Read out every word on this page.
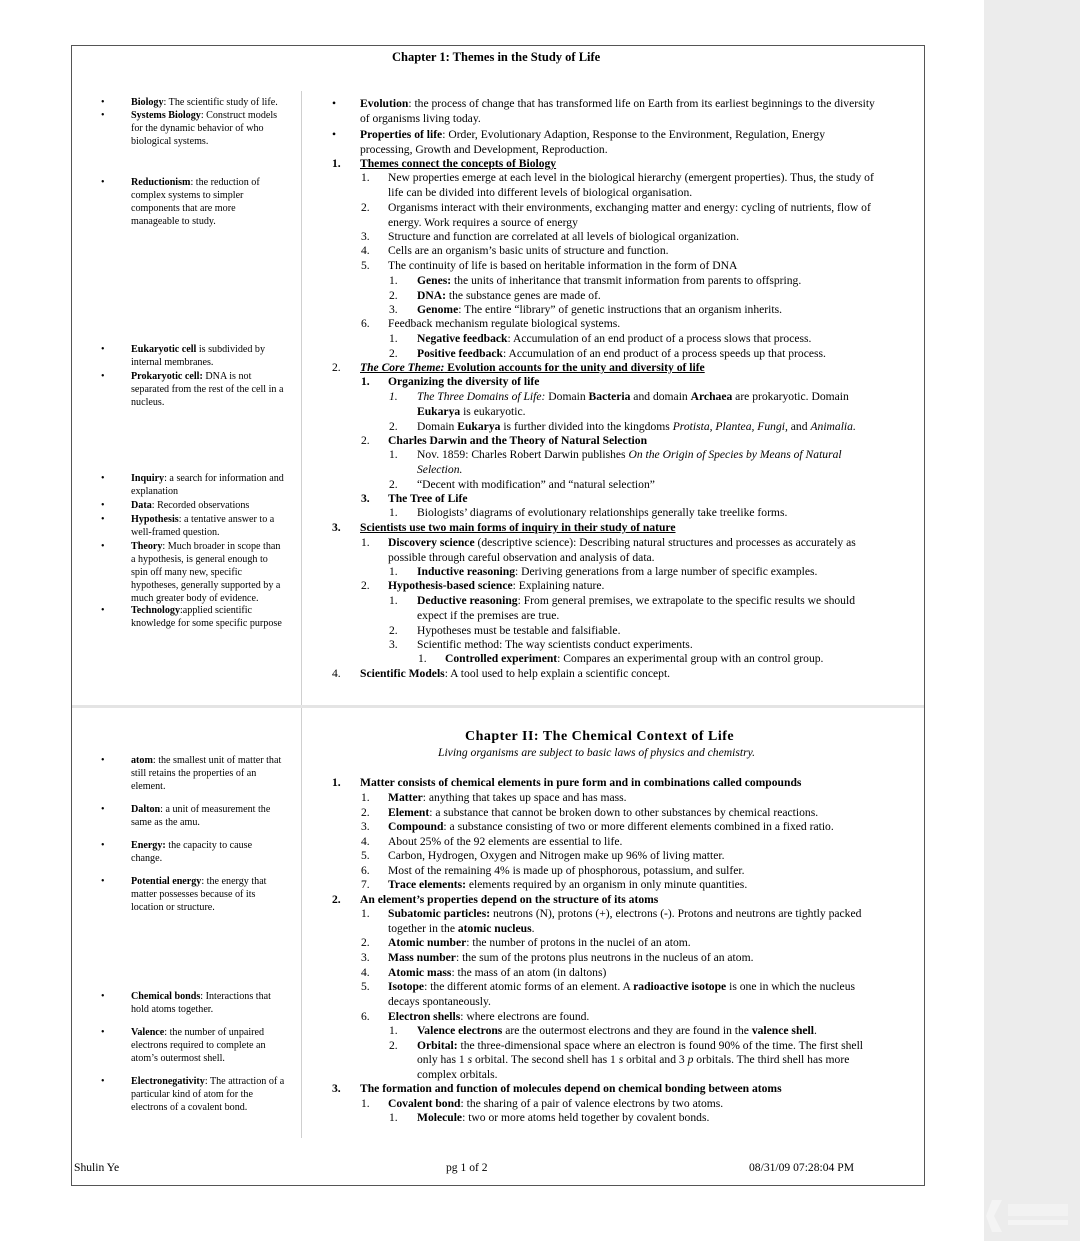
Chapter 1: Themes in the Study of Life
•	Biology: The scientific study of life.
•	Systems Biology: Construct models
for the dynamic behavior of who
biological systems.
•	Reductionism: the reduction of
complex systems to simpler
components that are more
manageable to study.
•	Eukaryotic cell is subdivided by
internal membranes.
•	Prokaryotic cell: DNA is not
separated from the rest of the cell in a
nucleus.
•	Inquiry: a search for information and
explanation
•	Data: Recorded observations
•	Hypothesis: a tentative answer to a
well-framed question.
•	Theory: Much broader in scope than
a hypothesis, is general enough to
spin off many new, specific
hypotheses, generally supported by a
much greater body of evidence.
•	Technology:applied scientific
knowledge for some specific purpose
• Evolution: the process of change that has transformed life on Earth from its earliest beginnings to the diversity
of organisms living today.
• Properties of life: Order, Evolutionary Adaption, Response to the Environment, Regulation, Energy
processing, Growth and Development, Reproduction.
1. Themes connect the concepts of Biology
1. New properties emerge at each level in the biological hierarchy (emergent properties). Thus, the study of
life can be divided into different levels of biological organisation.
2. Organisms interact with their environments, exchanging matter and energy: cycling of nutrients, flow of
energy. Work requires a source of energy
3. Structure and function are correlated at all levels of biological organization.
4. Cells are an organism’s basic units of structure and function.
5. The continuity of life is based on heritable information in the form of DNA
1. Genes: the units of inheritance that transmit information from parents to offspring.
2. DNA: the substance genes are made of.
3. Genome: The entire “library” of genetic instructions that an organism inherits.
6. Feedback mechanism regulate biological systems.
1. Negative feedback: Accumulation of an end product of a process slows that process.
2. Positive feedback: Accumulation of an end product of a process speeds up that process.
2. The Core Theme: Evolution accounts for the unity and diversity of life
1. Organizing the diversity of life
1. The Three Domains of Life: Domain Bacteria and domain Archaea are prokaryotic. Domain
Eukarya is eukaryotic.
2. Domain Eukarya is further divided into the kingdoms Protista, Plantea, Fungi, and Animalia.
2. Charles Darwin and the Theory of Natural Selection
1. Nov. 1859: Charles Robert Darwin publishes On the Origin of Species by Means of Natural
Selection.
2. “Decent with modification” and “natural selection”
3. The Tree of Life
1. Biologists’ diagrams of evolutionary relationships generally take treelike forms.
3. Scientists use two main forms of inquiry in their study of nature
1. Discovery science (descriptive science): Describing natural structures and processes as accurately as
possible through careful observation and analysis of data.
1. Inductive reasoning: Deriving generations from a large number of specific examples.
2. Hypothesis-based science: Explaining nature.
1. Deductive reasoning: From general premises, we extrapolate to the specific results we should
expect if the premises are true.
2. Hypotheses must be testable and falsifiable.
3. Scientific method: The way scientists conduct experiments.
1. Controlled experiment: Compares an experimental group with an control group.
4. Scientific Models: A tool used to help explain a scientific concept.
Chapter II: The Chemical Context of Life
Living organisms are subject to basic laws of physics and chemistry.
•	atom: the smallest unit of matter that
still retains the properties of an
element.
•	Dalton: a unit of measurement the
same as the amu.
•	Energy: the capacity to cause
change.
•	Potential energy: the energy that
matter possesses because of its
location or structure.
•	Chemical bonds: Interactions that
hold atoms together.
•	Valence: the number of unpaired
electrons required to complete an
atom’s outermost shell.
•	Electronegativity: The attraction of a
particular kind of atom for the
electrons of a covalent bond.
1. Matter consists of chemical elements in pure form and in combinations called compounds
1. Matter: anything that takes up space and has mass.
2. Element: a substance that cannot be broken down to other substances by chemical reactions.
3. Compound: a substance consisting of two or more different elements combined in a fixed ratio.
4. About 25% of the 92 elements are essential to life.
5. Carbon, Hydrogen, Oxygen and Nitrogen make up 96% of living matter.
6. Most of the remaining 4% is made up of phosphorous, potassium, and sulfer.
7. Trace elements: elements required by an organism in only minute quantities.
2. An element’s properties depend on the structure of its atoms
1. Subatomic particles: neutrons (N), protons (+), electrons (-). Protons and neutrons are tightly packed
together in the atomic nucleus.
2. Atomic number: the number of protons in the nuclei of an atom.
3. Mass number: the sum of the protons plus neutrons in the nucleus of an atom.
4. Atomic mass: the mass of an atom (in daltons)
5. Isotope: the different atomic forms of an element. A radioactive isotope is one in which the nucleus
decays spontaneously.
6. Electron shells: where electrons are found.
1. Valence electrons are the outermost electrons and they are found in the valence shell.
2. Orbital: the three-dimensional space where an electron is found 90% of the time. The first shell
only has 1 s orbital. The second shell has 1 s orbital and 3 p orbitals. The third shell has more
complex orbitals.
3. The formation and function of molecules depend on chemical bonding between atoms
1. Covalent bond: the sharing of a pair of valence electrons by two atoms.
1. Molecule: two or more atoms held together by covalent bonds.
Shulin Ye	pg 1 of 2	08/31/09 07:28:04 PM
